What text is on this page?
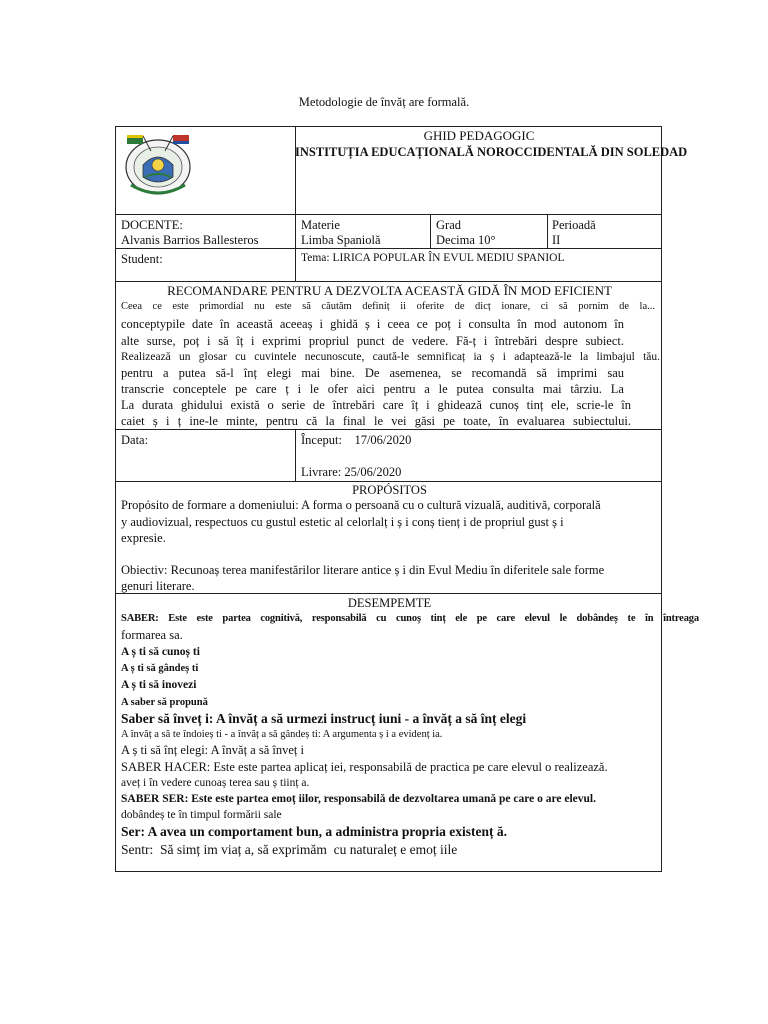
Metodologie de învăț are formală.
GHID PEDAGOGIC
INSTITUȚIA EDUCAȚIONALĂ NOROCCIDENTALĂ DIN SOLEDAD
DOCENTE:
Alvanis Barrios Ballesteros
Materie
Limba Spaniolă
Grad
Decima 10°
Perioadă
II
Student:	Tema: LIRICA POPULAR ÎN EVUL MEDIU SPANIOL
RECOMANDARE PENTRU A DEZVOLTA ACEASTĂ GIDĂ ÎN MOD EFICIENT
Ceea ce este primordial nu este să căutăm definiț ii oferite de dicț ionare, ci să pornim de la...
conceptурile date în această aceeaș i ghidă ș i ceea ce poț i consulta în mod autonom în
alte surse, poț i să îț i exprimi propriul punct de vedere. Fă-ț i întrebări despre subiect.
Realizează un glosar cu cuvintele necunoscute, caută-le semnificaț ia ș i adaptează-le la limbajul tău.
pentru a putea să-l înț elegi mai bine. De asemenea, se recomandă să imprimi sau
transcrie conceptele pe care ț i le ofer aici pentru a le putea consulta mai târziu. La
La durata ghidului există o serie de întrebări care îț i ghidează cunoș tinț ele, scrie-le în
caiet ș i ț ine-le minte, pentru că la final le vei găsi pe toate, în evaluarea subiectului.
Data:	Început:    17/06/2020
Livrare: 25/06/2020
PROPÓSITOS
Propósito de formare a domeniului: A forma o persoană cu o cultură vizuală, auditivă, corporală
y audiovizual, respectuos cu gustul estetic al celorlalț i ș i conș tienț i de propriul gust ș i
expresie.
Obiectiv: Recunoaș terea manifestărilor literare antice ș i din Evul Mediu în diferitele sale forme
genuri literare.
DESEMPEMTE
SABER: Este este partea cognitivă, responsabilă cu cunoș tinț ele pe care elevul le dobândeș te în întreaga
formarea sa.
A ș ti să cunoș ti
A ș ti să gândeș ti
A ș ti să inovezi
A saber să propună
Saber să înveț i: A învăț a să urmezi instrucț iuni - a învăț a să înț elegi
A învăț a să te îndoieș ti - a învăț a să gândeș ti: A argumenta ș i a evidenț ia.
A ș ti să înț elegi: A învăț a să înveț i
SABER HACER: Este este partea aplicaț iei, responsabilă de practica pe care elevul o realizează.
aveț i în vedere cunoaș terea sau ș tiinț a.
SABER SER: Este este partea emoț iilor, responsabilă de dezvoltarea umană pe care o are elevul.
dobândeș te în timpul formării sale
Ser: A avea un comportament bun, a administra propria existenț ă.
Sentr:  Să simț im viaț a, să exprimăm  cu naturaleț e emoț iile
